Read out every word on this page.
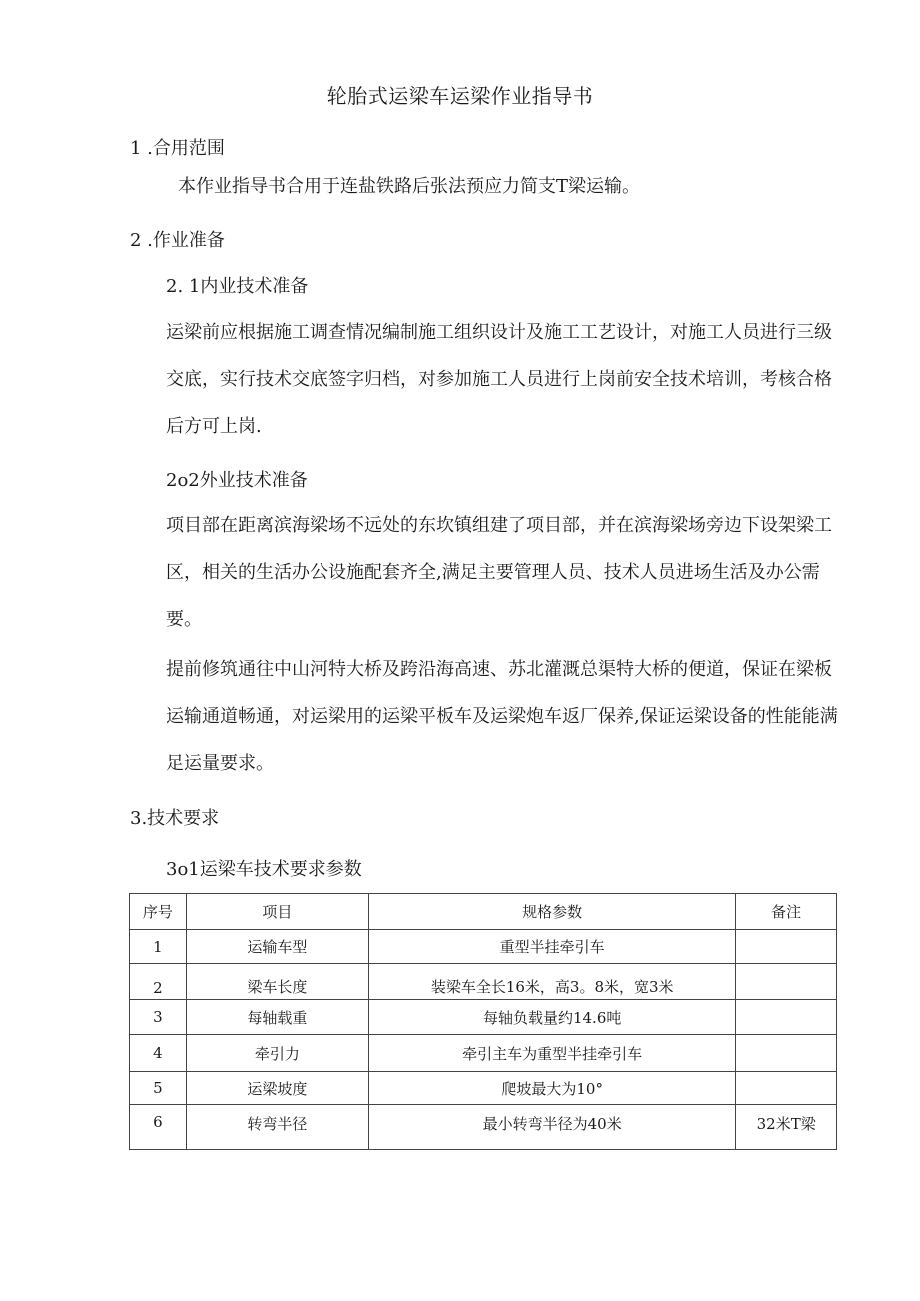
轮胎式运梁车运梁作业指导书
1 .合用范围

本作业指导书合用于连盐铁路后张法预应力简支T梁运输。

2 .作业准备
2. 1内业技术准备

运梁前应根据施工调查情况编制施工组织设计及施工工艺设计，对施工人员进行三级交底，实行技术交底签字归档，对参加施工人员进行上岗前安全技术培训，考核合格后方可上岗.

2o2外业技术准备

项目部在距离滨海梁场不远处的东坎镇组建了项目部，并在滨海梁场旁边下设架梁工区，相关的生活办公设施配套齐全,满足主要管理人员、技术人员进场生活及办公需要。

提前修筑通往中山河特大桥及跨沿海高速、苏北灌溉总渠特大桥的便道，保证在梁板运输通道畅通，对运梁用的运梁平板车及运梁炮车返厂保养,保证运梁设备的性能能满足运量要求。

3.技术要求
3o1运梁车技术要求参数
序号	项目	规格参数	备注
1	运输车型	重型半挂牵引车	
2	梁车长度	装梁车全长16米，高3。8米，宽3米	
3	每轴载重	每轴负载量约14.6吨	
4	牵引力	牵引主车为重型半挂牵引车	
5	运梁坡度	爬坡最大为10°	
6	转弯半径	最小转弯半径为40米	32米T梁
